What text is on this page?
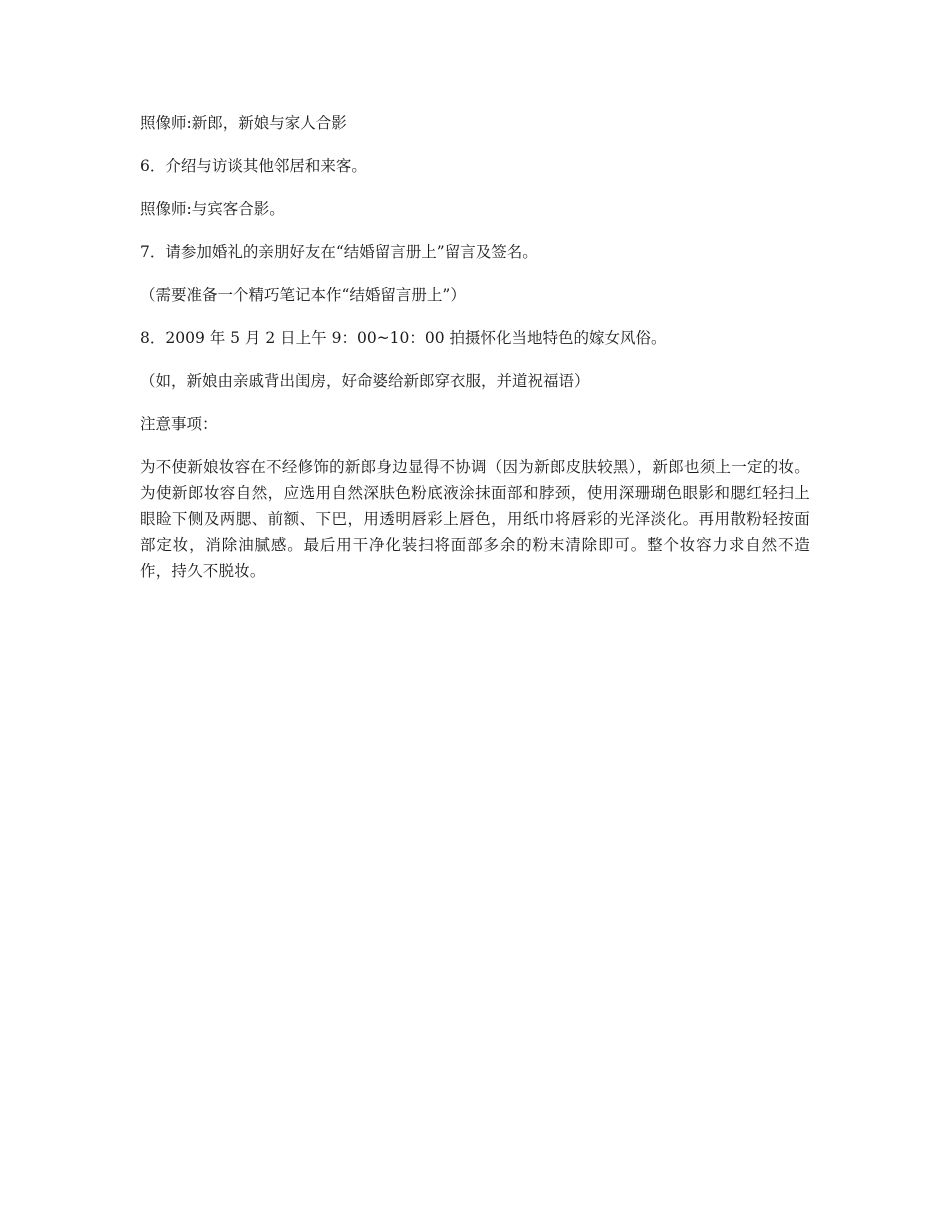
照像师:新郎，新娘与家人合影

6．介绍与访谈其他邻居和来客。

照像师:与宾客合影。

7．请参加婚礼的亲朋好友在“结婚留言册上”留言及签名。

（需要准备一个精巧笔记本作“结婚留言册上”）

8．2009 年 5 月 2 日上午 9：00~10：00 拍摄怀化当地特色的嫁女风俗。

（如，新娘由亲戚背出闺房，好命婆给新郎穿衣服，并道祝福语）

注意事项：

为不使新娘妆容在不经修饰的新郎身边显得不协调（因为新郎皮肤较黑），新郎也须上一定的妆。为使新郎妆容自然，应选用自然深肤色粉底液涂抹面部和脖颈，使用深珊瑚色眼影和腮红轻扫上眼睑下侧及两腮、前额、下巴，用透明唇彩上唇色，用纸巾将唇彩的光泽淡化。再用散粉轻按面部定妆，消除油腻感。最后用干净化装扫将面部多余的粉末清除即可。整个妆容力求自然不造作，持久不脱妆。
